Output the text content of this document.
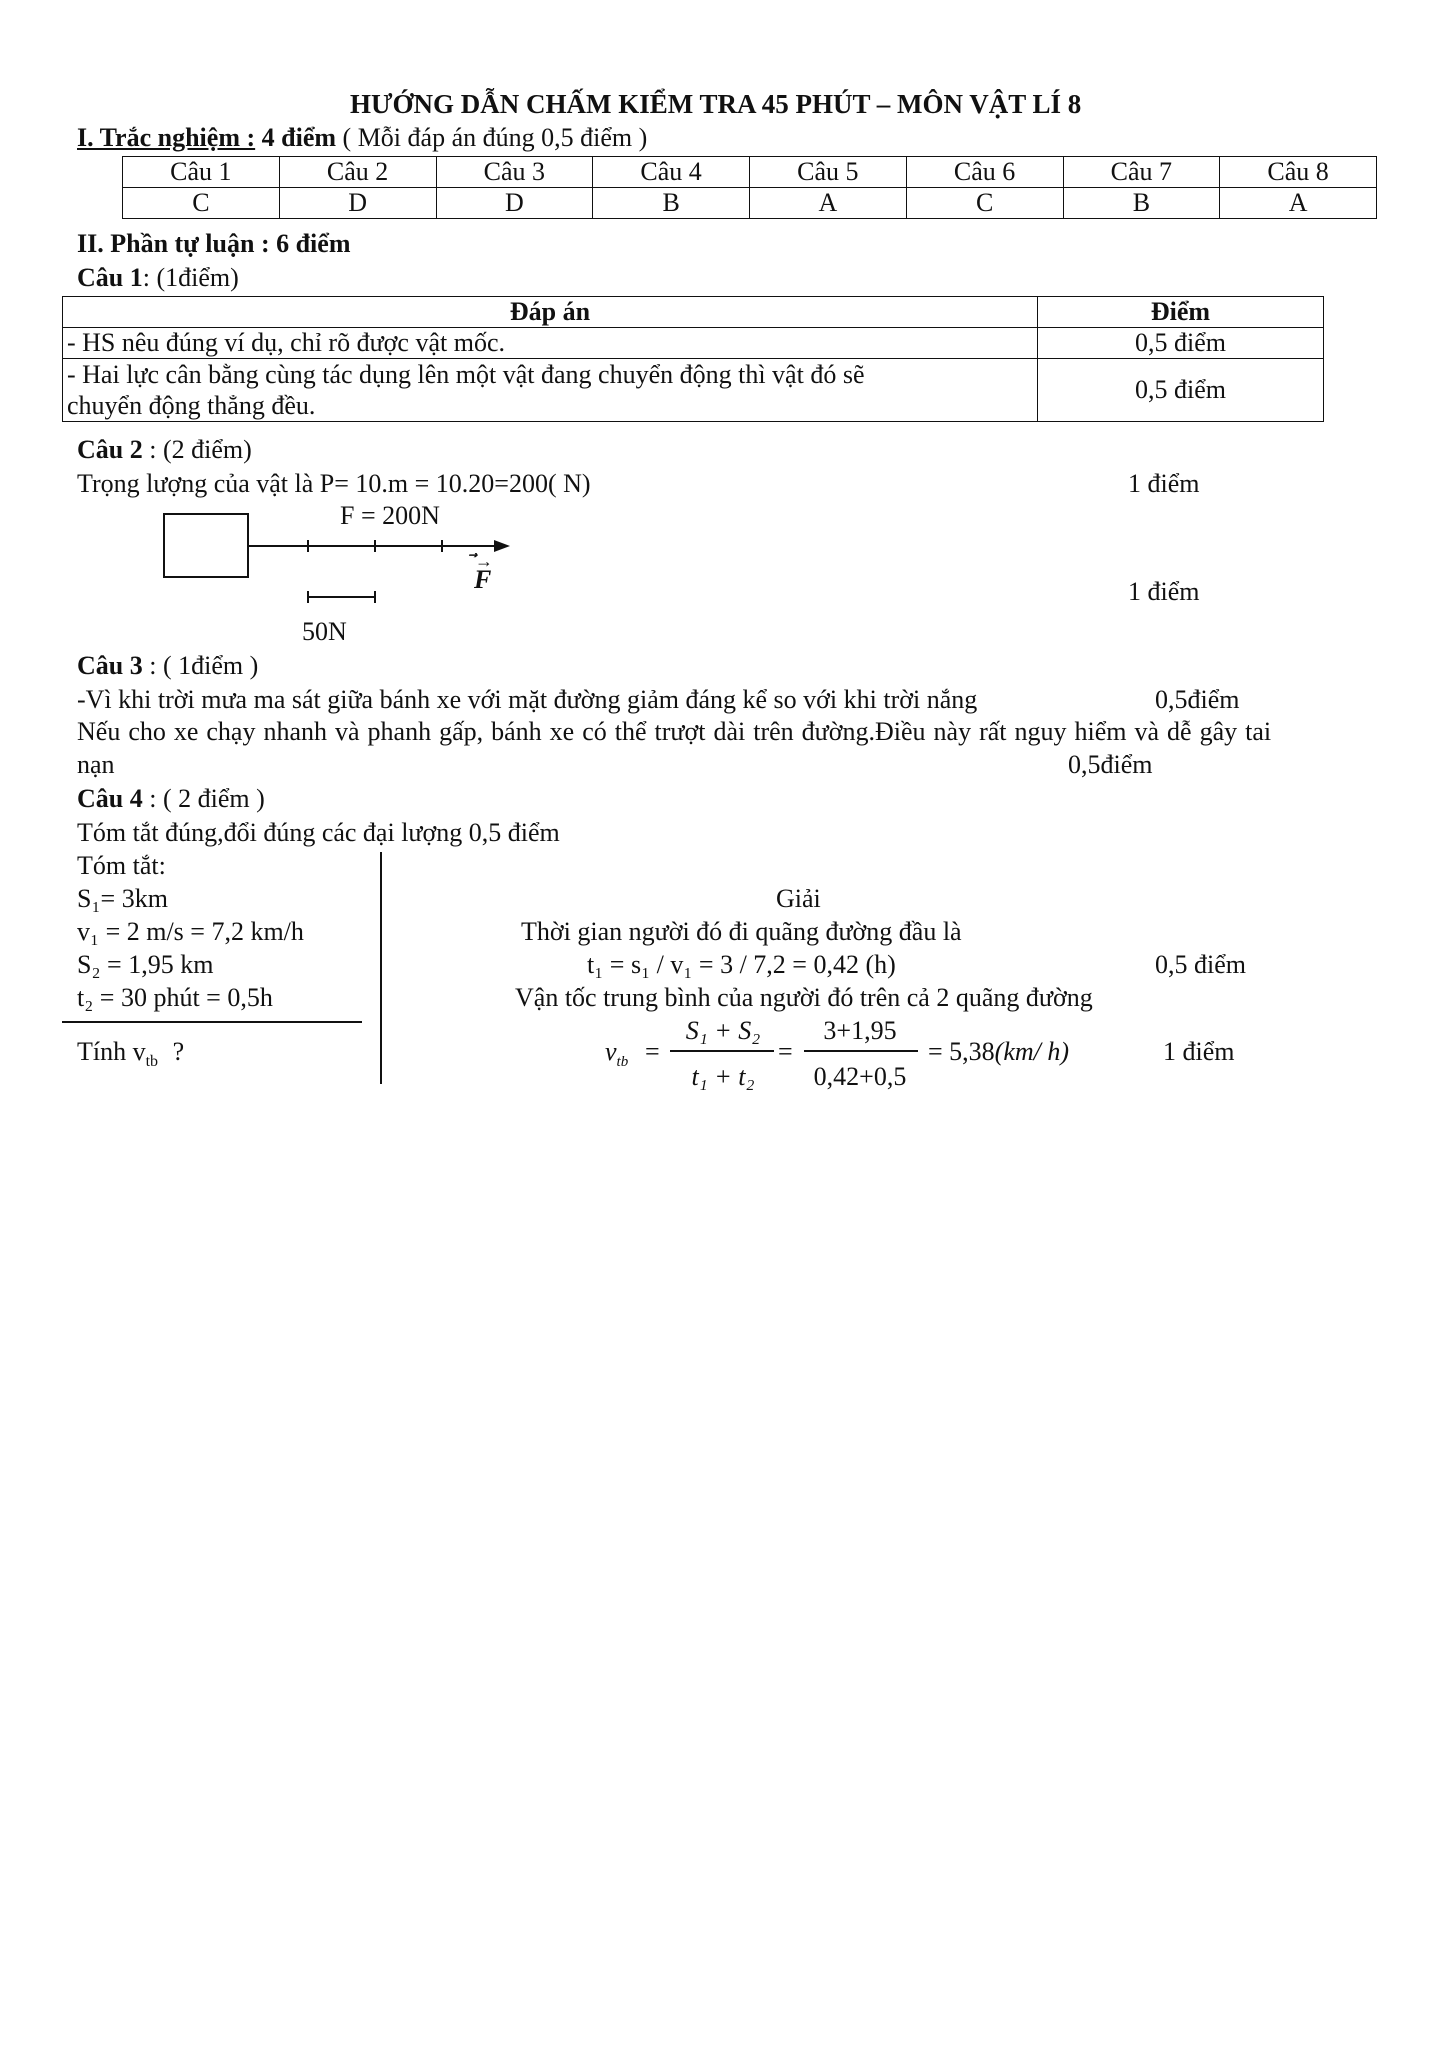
HƯỚNG DẪN CHẤM KIỂM TRA 45 PHÚT – MÔN VẬT LÍ 8
I. Trắc nghiệm : 4 điểm ( Mỗi đáp án đúng 0,5 điểm )
Câu 1	Câu 2	Câu 3	Câu 4	Câu 5	Câu 6	Câu 7	Câu 8
C	D	D	B	A	C	B	A
II. Phần tự luận : 6 điểm
Câu 1: (1điểm)
Đáp án	Điểm
- HS nêu đúng ví dụ, chỉ rõ được vật mốc.	0,5 điểm

- Hai lực cân bằng cùng tác dụng lên một vật đang chuyển động thì vật đó sẽ
chuyển động thẳng đều.	0,5 điểm
Câu 2 : (2 điểm)
Trọng lượng của vật là P= 10.m = 10.20=200( N)	1 điểm
F = 200N
⃗→
F	1 điểm
50N
Câu 3 : ( 1điểm )
-Vì khi trời mưa ma sát giữa bánh xe với mặt đường giảm đáng kể so với khi trời nắng	0,5điểm
Nếu cho xe chạy nhanh và phanh gấp, bánh xe có thể trượt dài trên đường.Điều này rất nguy hiểm và dễ gây tai
nạn	0,5điểm
Câu 4 : ( 2 điểm )
Tóm tắt đúng,đổi đúng các đại lượng 0,5 điểm
Tóm tắt:
S₁= 3km
v₁ = 2 m/s = 7,2 km/h
S₂ = 1,95 km
t₂ = 30 phút = 0,5h
Tính $v_{tb}$ ?
Giải
Thời gian người đó đi quãng đường đầu là
t₁ = s₁ / v₁ = 3 / 7,2 = 0,42 (h)	0,5 điểm
Vận tốc trung bình của người đó trên cả 2 quãng đường
$v_{tb}$ =
S₁ + S₂
t₁ + t₂
=
3+1,95
0,42+0,5
= 5,38(km/ h)	1 điểm
